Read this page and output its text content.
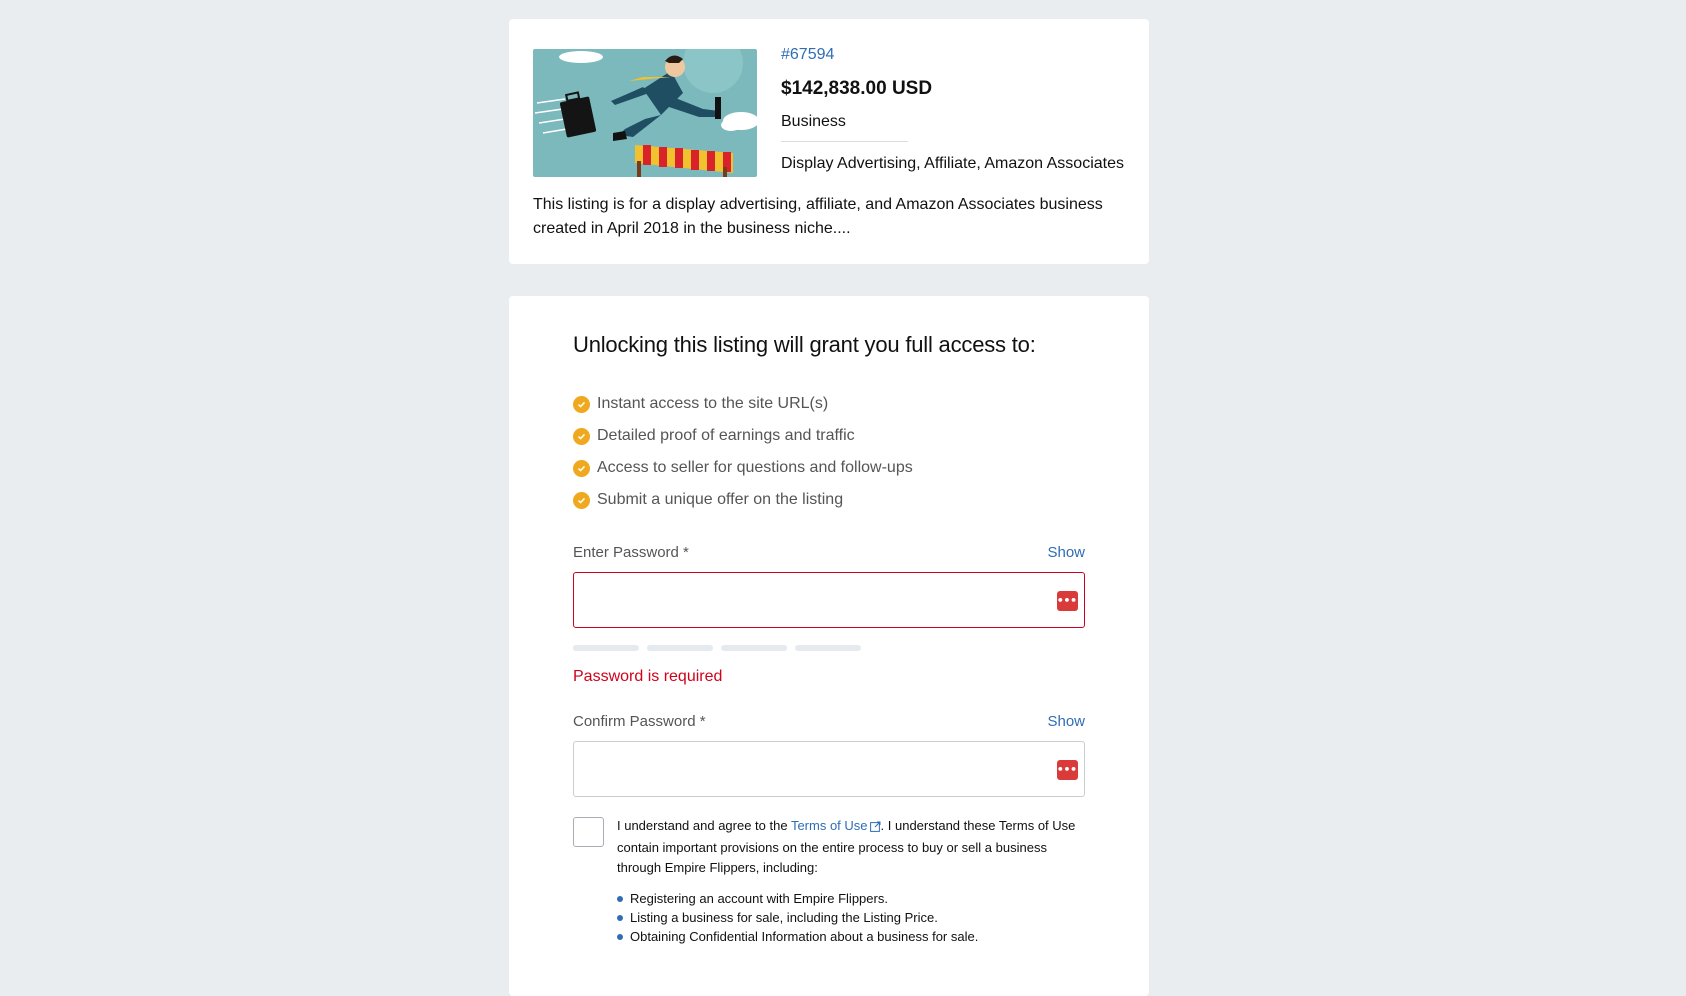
#67594
$142,838.00 USD
Business
Display Advertising, Affiliate, Amazon Associates

This listing is for a display advertising, affiliate, and Amazon Associates business created in April 2018 in the business niche....

Unlocking this listing will grant you full access to:
Instant access to the site URL(s)
Detailed proof of earnings and traffic
Access to seller for questions and follow-ups
Submit a unique offer on the listing
Enter Password *	Show
•••|
Password is required
Confirm Password *	Show
•••|
I understand and agree to the Terms of Use . I understand these Terms of Use contain important provisions on the entire process to buy or sell a business through Empire Flippers, including:
Registering an account with Empire Flippers.
Listing a business for sale, including the Listing Price.
Obtaining Confidential Information about a business for sale.
